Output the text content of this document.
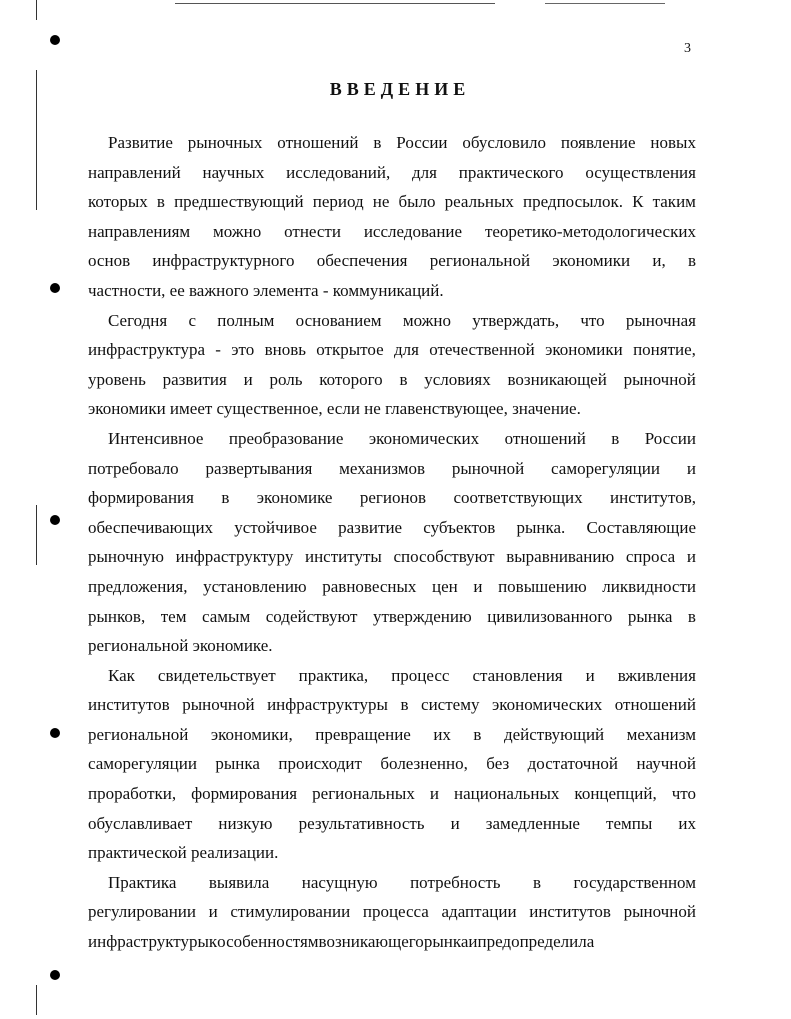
3
ВВЕДЕНИЕ
Развитие рыночных отношений в России обусловило появление новых
направлений научных исследований, для практического осуществления
которых в предшествующий период не было реальных предпосылок. К таким
направлениям можно отнести исследование теоретико-методологических
основ инфраструктурного обеспечения региональной экономики и, в
частности, ее важного элемента - коммуникаций.
Сегодня с полным основанием можно утверждать, что рыночная
инфраструктура - это вновь открытое для отечественной экономики понятие,
уровень развития и роль которого в условиях возникающей рыночной
экономики имеет существенное, если не главенствующее, значение.
Интенсивное преобразование экономических отношений в России
потребовало развертывания механизмов рыночной саморегуляции и
формирования в экономике регионов соответствующих институтов,
обеспечивающих устойчивое развитие субъектов рынка. Составляющие
рыночную инфраструктуру институты способствуют выравниванию спроса и
предложения, установлению равновесных цен и повышению ликвидности
рынков, тем самым содействуют утверждению цивилизованного рынка в
региональной экономике.
Как свидетельствует практика, процесс становления и вживления
институтов рыночной инфраструктуры в систему экономических отношений
региональной экономики, превращение их в действующий механизм
саморегуляции рынка происходит болезненно, без достаточной научной
проработки, формирования региональных и национальных концепций, что
обуславливает низкую результативность и замедленные темпы их
практической реализации.
Практика выявила насущную потребность в государственном
регулировании и стимулировании процесса адаптации институтов рыночной
инфраструктуры к особенностям возникающего рынка и предопределила
